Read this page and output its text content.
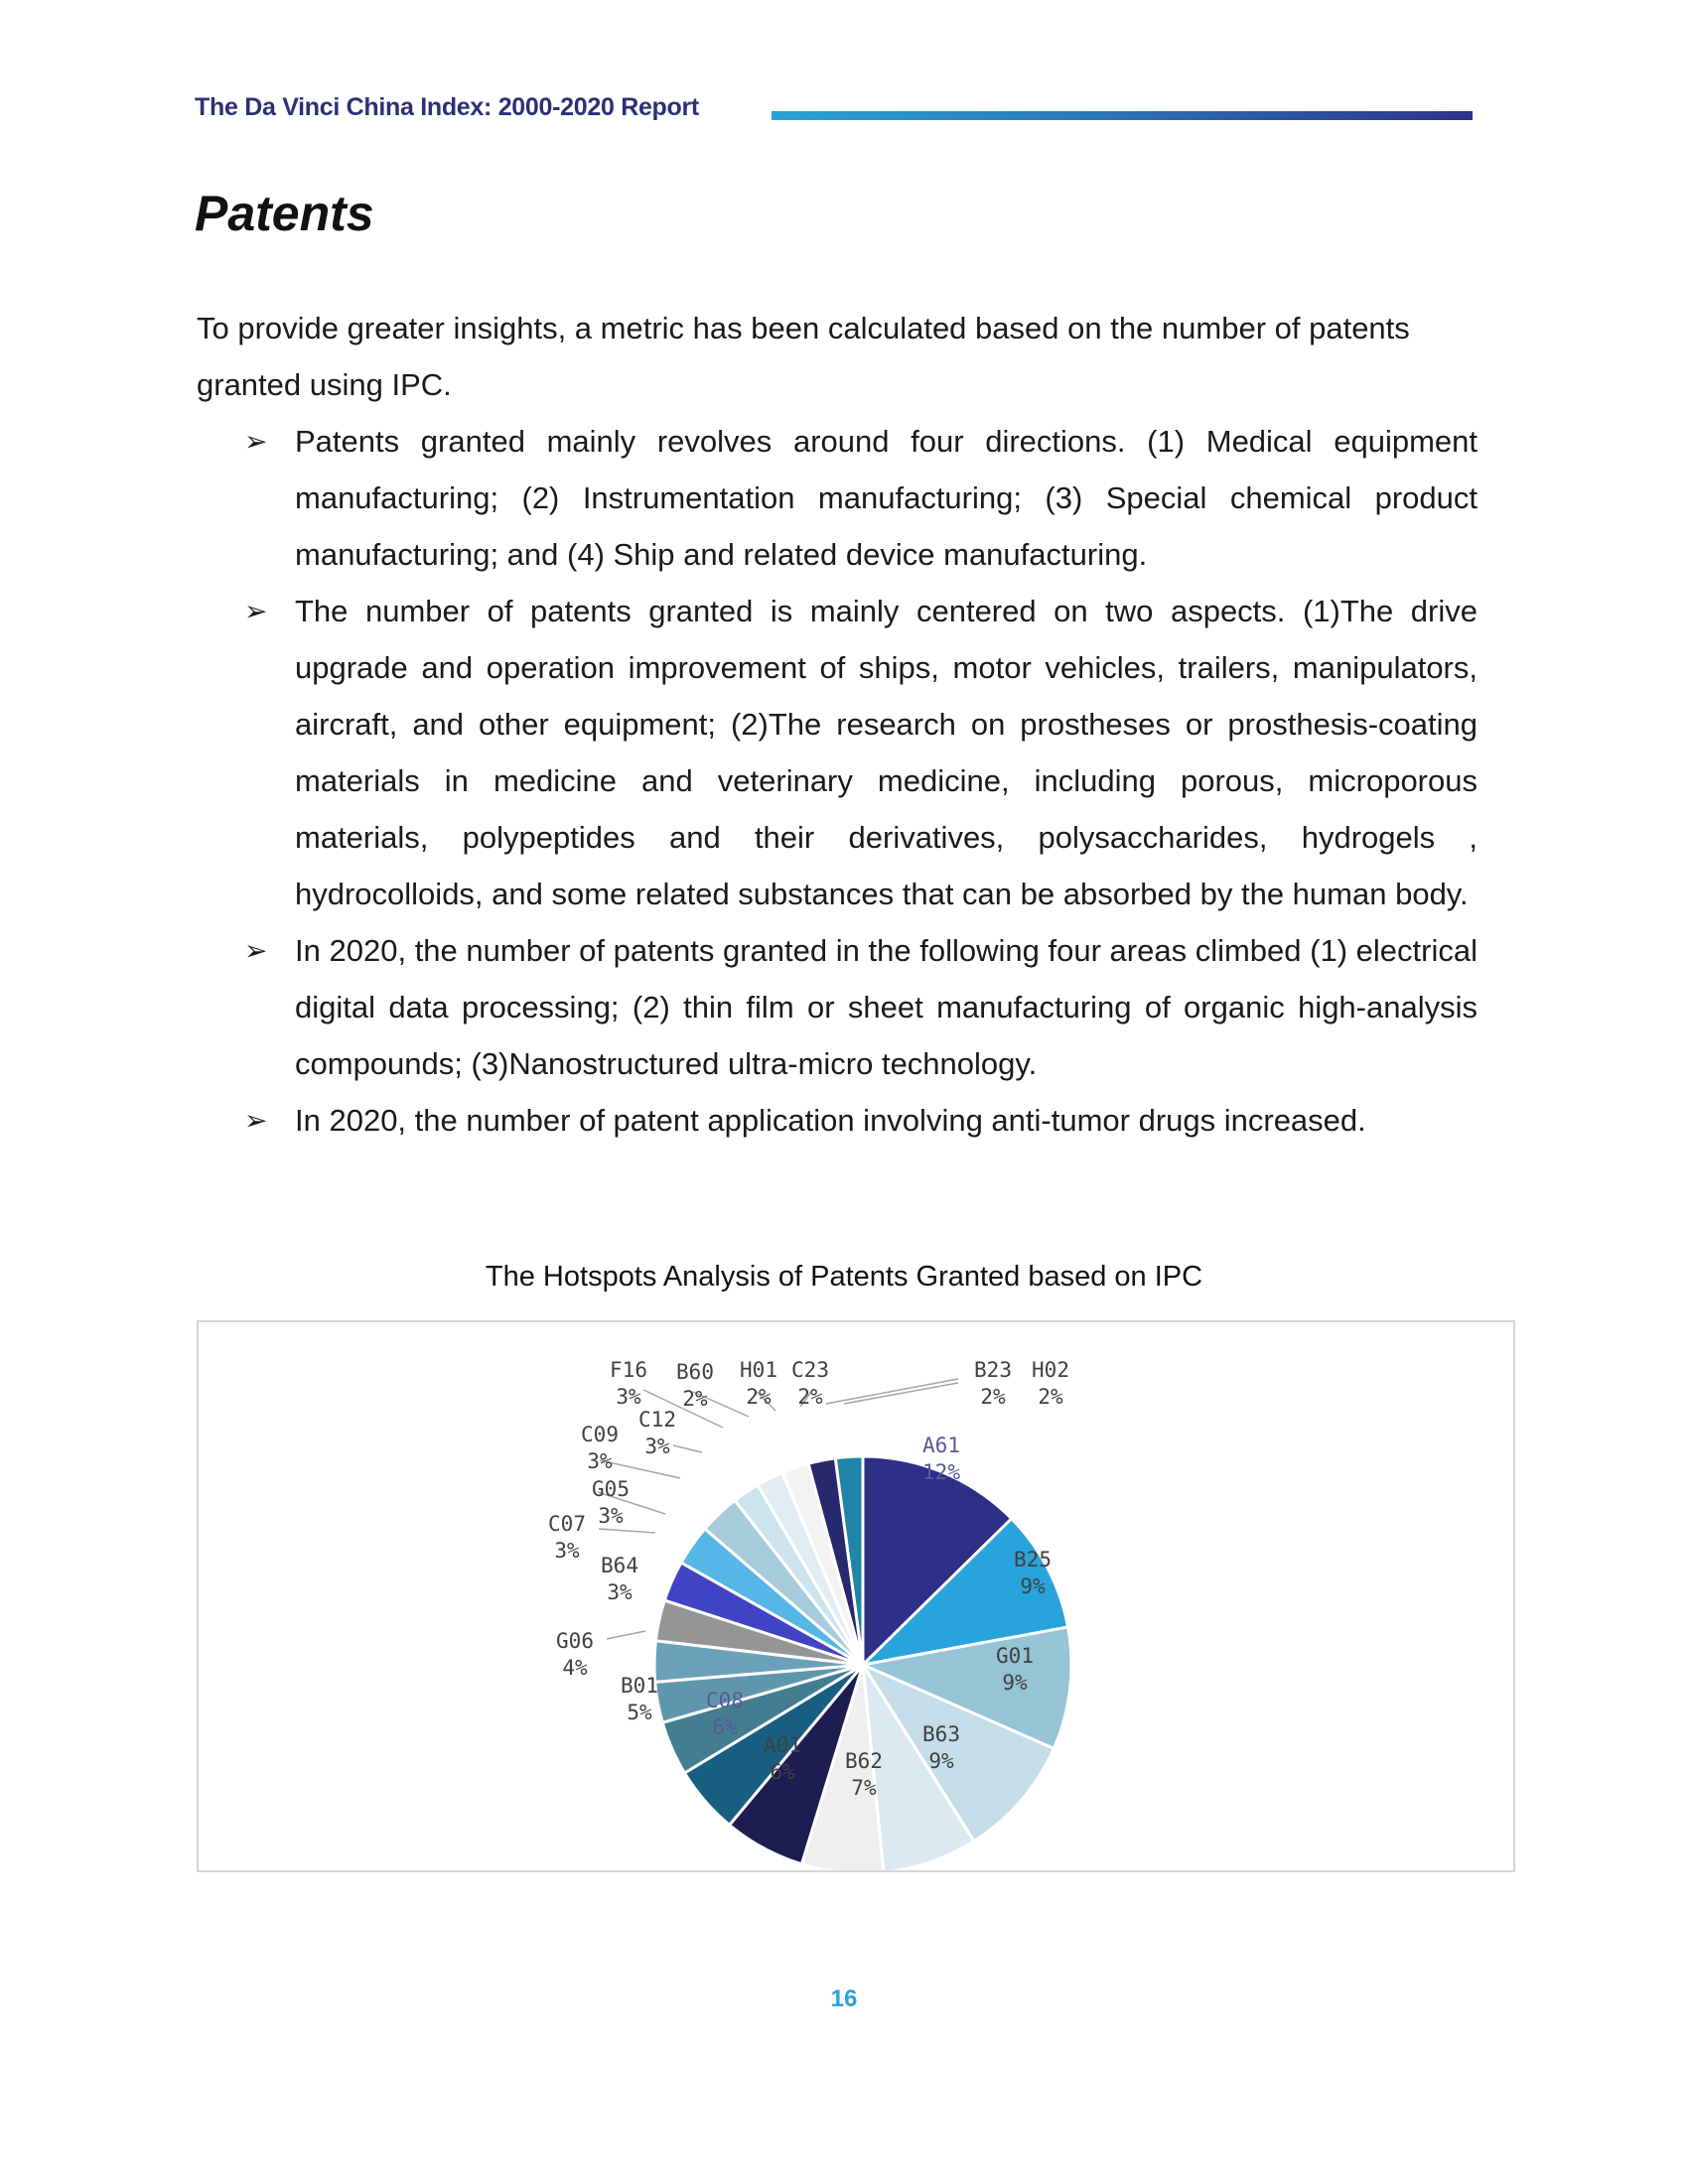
The Da Vinci China Index: 2000-2020 Report
Patents

To provide greater insights, a metric has been calculated based on the number of patents granted using IPC.

➢ Patents granted mainly revolves around four directions. (1) Medical equipment manufacturing; (2) Instrumentation manufacturing; (3) Special chemical product manufacturing; and (4) Ship and related device manufacturing.
➢ The number of patents granted is mainly centered on two aspects. (1)The drive upgrade and operation improvement of ships, motor vehicles, trailers, manipulators, aircraft, and other equipment; (2)The research on prostheses or prosthesis-coating materials in medicine and veterinary medicine, including porous, microporous materials, polypeptides and their derivatives, polysaccharides, hydrogels , hydrocolloids, and some related substances that can be absorbed by the human body.
➢ In 2020, the number of patents granted in the following four areas climbed (1) electrical digital data processing; (2) thin film or sheet manufacturing of organic high-analysis compounds; (3)Nanostructured ultra-micro technology.
➢ In 2020, the number of patent application involving anti-tumor drugs increased.
The Hotspots Analysis of Patents Granted based on IPC
A61
12%
B25
9%
G01
9%
B63
9%
B62
7%
A01
6%
C08
6%
B01
5%
G06
4%
B64
3%
C07
3%
G05
3%
C09
3%
C12
3%
F16
3%
B60
2%
H01
2%
C23
2%
B23
2%
H02
2%
16
